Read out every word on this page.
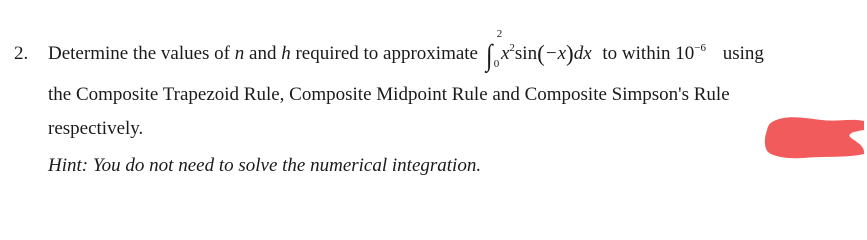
2. Determine the values of n and h required to approximate ∫
2
0 $x^2\sin(-x)dx$ to within $10^{-6}$ using
the Composite Trapezoid Rule, Composite Midpoint Rule and Composite Simpson's Rule
respectively.
Hint: You do not need to solve the numerical integration.
